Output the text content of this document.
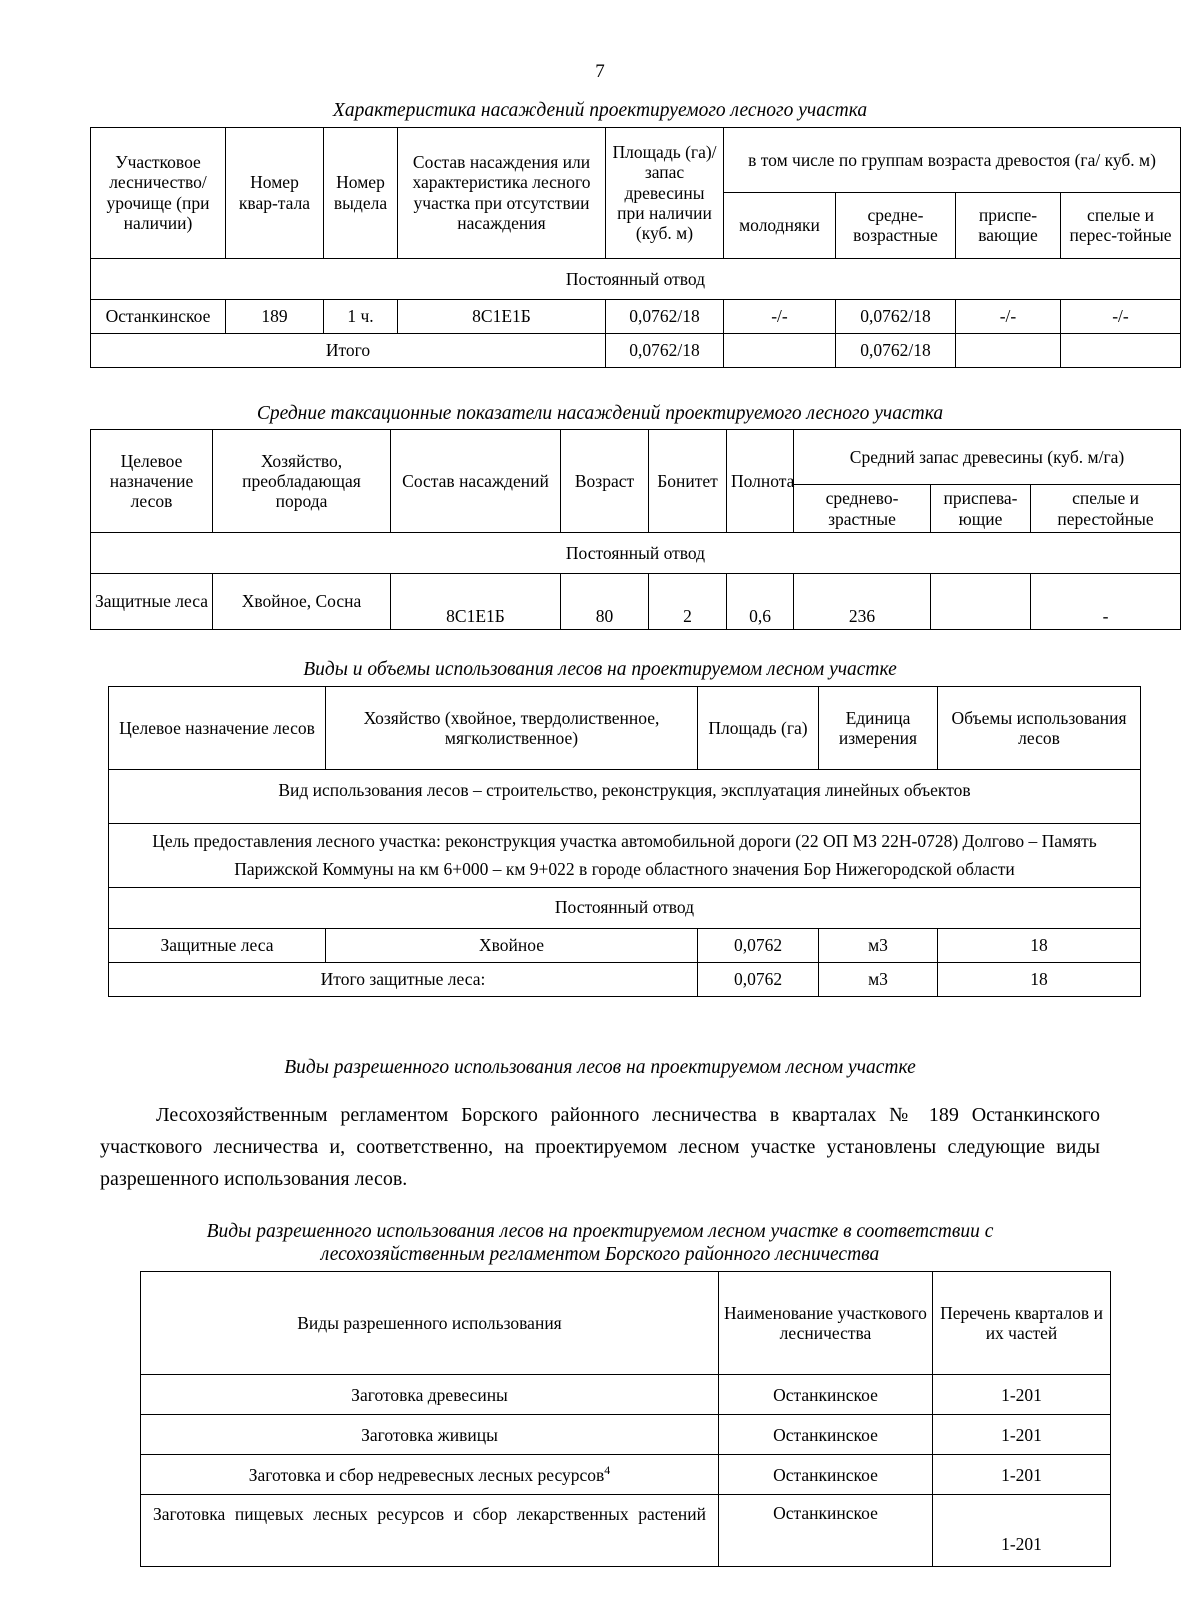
7
Характеристика насаждений проектируемого лесного участка
Участковое лесничество/ урочище (при наличии)	Номер квар-тала	Номер выдела	Состав насаждения или характеристика лесного участка при отсутствии насаждения	Площадь (га)/запас древесины при наличии (куб. м)	в том числе по группам возраста древостоя (га/ куб. м)			
					молодняки	средне-возрастные	приспе-вающие	спелые и перес-тойные
Постоянный отвод								
Останкинское	189	1 ч.	8С1Е1Б	0,0762/18	-/-	0,0762/18	-/-	-/-
Итого				0,0762/18		0,0762/18		
Средние таксационные показатели насаждений проектируемого лесного участка
Целевое назначение лесов	Хозяйство, преобладающая порода	Состав насаждений	Возраст	Бонитет	Полнота	Средний запас древесины (куб. м/га)		
						среднево-зрастные	приспева-ющие	спелые и перестойные
Постоянный отвод								
Защитные леса	Хвойное, Сосна	8С1Е1Б	80	2	0,6	236		-
Виды и объемы использования лесов на проектируемом лесном участке
Целевое назначение лесов	Хозяйство (хвойное, твердолиственное, мягколиственное)	Площадь (га)	Единица измерения	Объемы использования лесов
Вид использования лесов – строительство, реконструкция, эксплуатация линейных объектов				
Цель предоставления лесного участка: реконструкция участка автомобильной дороги (22 ОП МЗ 22Н-0728) Долгово – Память Парижской Коммуны на км 6+000 – км 9+022 в городе областного значения Бор Нижегородской области				
Постоянный отвод				
Защитные леса	Хвойное	0,0762	м3	18
Итого защитные леса:		0,0762	м3	18
Виды разрешенного использования лесов на проектируемом лесном участке

Лесохозяйственным регламентом Борского районного лесничества в кварталах № 189 Останкинского участкового лесничества и, соответственно, на проектируемом лесном участке установлены следующие виды разрешенного использования лесов.

Виды разрешенного использования лесов на проектируемом лесном участке в соответствии с
лесохозяйственным регламентом Борского районного лесничества
Виды разрешенного использования	Наименование участкового лесничества	Перечень кварталов и их частей
Заготовка древесины	Останкинское	1-201
Заготовка живицы	Останкинское	1-201
Заготовка и сбор недревесных лесных ресурсов$^4$	Останкинское	1-201
Заготовка пищевых лесных ресурсов и сбор лекарственных растений	Останкинское	1-201
